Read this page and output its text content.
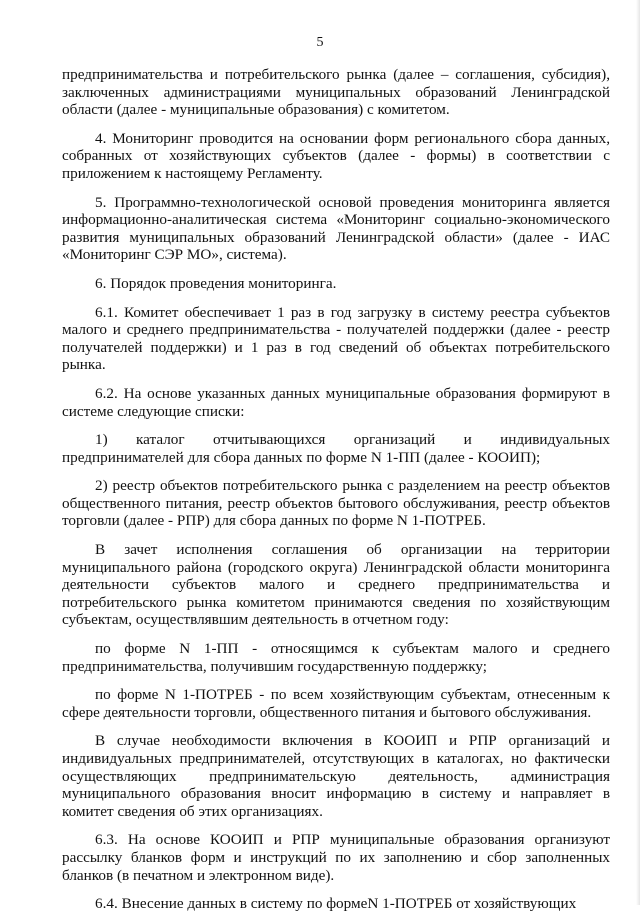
5

предпринимательства и потребительского рынка (далее – соглашения, субсидия), заключенных администрациями муниципальных образований Ленинградской области (далее - муниципальные образования) с комитетом.

4. Мониторинг проводится на основании форм регионального сбора данных, собранных от хозяйствующих субъектов (далее - формы) в соответствии с приложением к настоящему Регламенту.

5. Программно-технологической основой проведения мониторинга является информационно-аналитическая система «Мониторинг социально-экономического развития муниципальных образований Ленинградской области» (далее - ИАС «Мониторинг СЭР МО», система).

6. Порядок проведения мониторинга.

6.1. Комитет обеспечивает 1 раз в год загрузку в систему реестра субъектов малого и среднего предпринимательства - получателей поддержки (далее - реестр получателей поддержки) и 1 раз в год сведений об объектах потребительского рынка.

6.2. На основе указанных данных муниципальные образования формируют в системе следующие списки:

1) каталог отчитывающихся организаций и индивидуальных предпринимателей для сбора данных по форме N 1-ПП (далее - КООИП);

2) реестр объектов потребительского рынка с разделением на реестр объектов общественного питания, реестр объектов бытового обслуживания, реестр объектов торговли (далее - РПР) для сбора данных по форме N 1-ПОТРЕБ.

В зачет исполнения соглашения об организации на территории муниципального района (городского округа) Ленинградской области мониторинга деятельности субъектов малого и среднего предпринимательства и потребительского рынка комитетом принимаются сведения по хозяйствующим субъектам, осуществлявшим деятельность в отчетном году:

по форме N 1-ПП - относящимся к субъектам малого и среднего предпринимательства, получившим государственную поддержку;

по форме N 1-ПОТРЕБ - по всем хозяйствующим субъектам, отнесенным к сфере деятельности торговли, общественного питания и бытового обслуживания.

В случае необходимости включения в КООИП и РПР организаций и индивидуальных предпринимателей, отсутствующих в каталогах, но фактически осуществляющих предпринимательскую деятельность, администрация муниципального образования вносит информацию в систему и направляет в комитет сведения об этих организациях.

6.3. На основе КООИП и РПР муниципальные образования организуют рассылку бланков форм и инструкций по их заполнению и сбор заполненных бланков (в печатном и электронном виде).

6.4. Внесение данных в систему по формеN 1-ПОТРЕБ от хозяйствующих
